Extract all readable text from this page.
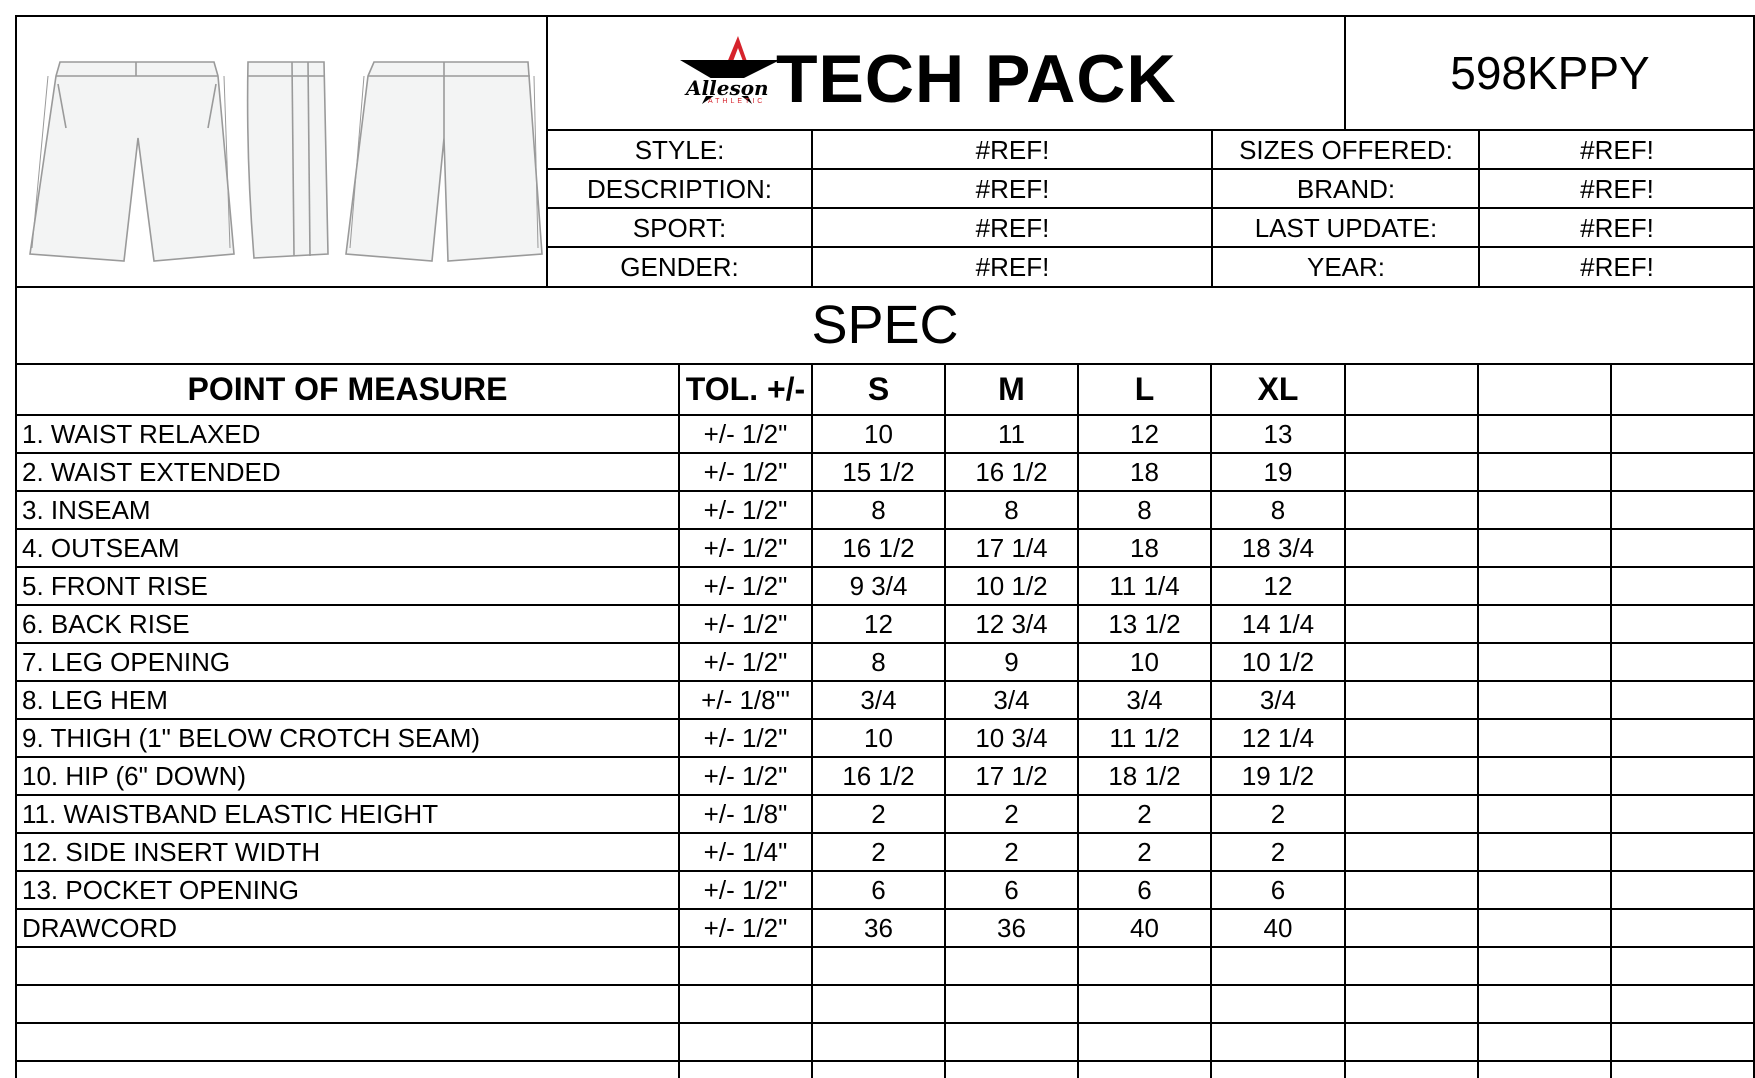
Alleson
ATHLETIC TECH PACK	598KPPY
STYLE:	#REF!	SIZES OFFERED:	#REF!
DESCRIPTION:	#REF!	BRAND:	#REF!
SPORT:	#REF!	LAST UPDATE:	#REF!
GENDER:	#REF!	YEAR:	#REF!
SPEC
POINT OF MEASURE	TOL. +/-	S	M	L	XL
1. WAIST RELAXED	+/- 1/2"	10	11	12	13
2. WAIST EXTENDED	+/- 1/2"	15 1/2	16 1/2	18	19
3. INSEAM	+/- 1/2"	8	8	8	8
4. OUTSEAM	+/- 1/2"	16 1/2	17 1/4	18	18 3/4
5. FRONT RISE	+/- 1/2"	9 3/4	10 1/2	11 1/4	12
6. BACK RISE	+/- 1/2"	12	12 3/4	13 1/2	14 1/4
7. LEG OPENING	+/- 1/2"	8	9	10	10 1/2
8. LEG HEM	+/- 1/8'"	3/4	3/4	3/4	3/4
9. THIGH (1" BELOW CROTCH SEAM)	+/- 1/2"	10	10 3/4	11 1/2	12 1/4
10. HIP (6" DOWN)	+/- 1/2"	16 1/2	17 1/2	18 1/2	19 1/2
11. WAISTBAND ELASTIC HEIGHT	+/- 1/8"	2	2	2	2
12. SIDE INSERT WIDTH	+/- 1/4"	2	2	2	2
13. POCKET OPENING	+/- 1/2"	6	6	6	6
DRAWCORD	+/- 1/2"	36	36	40	40
